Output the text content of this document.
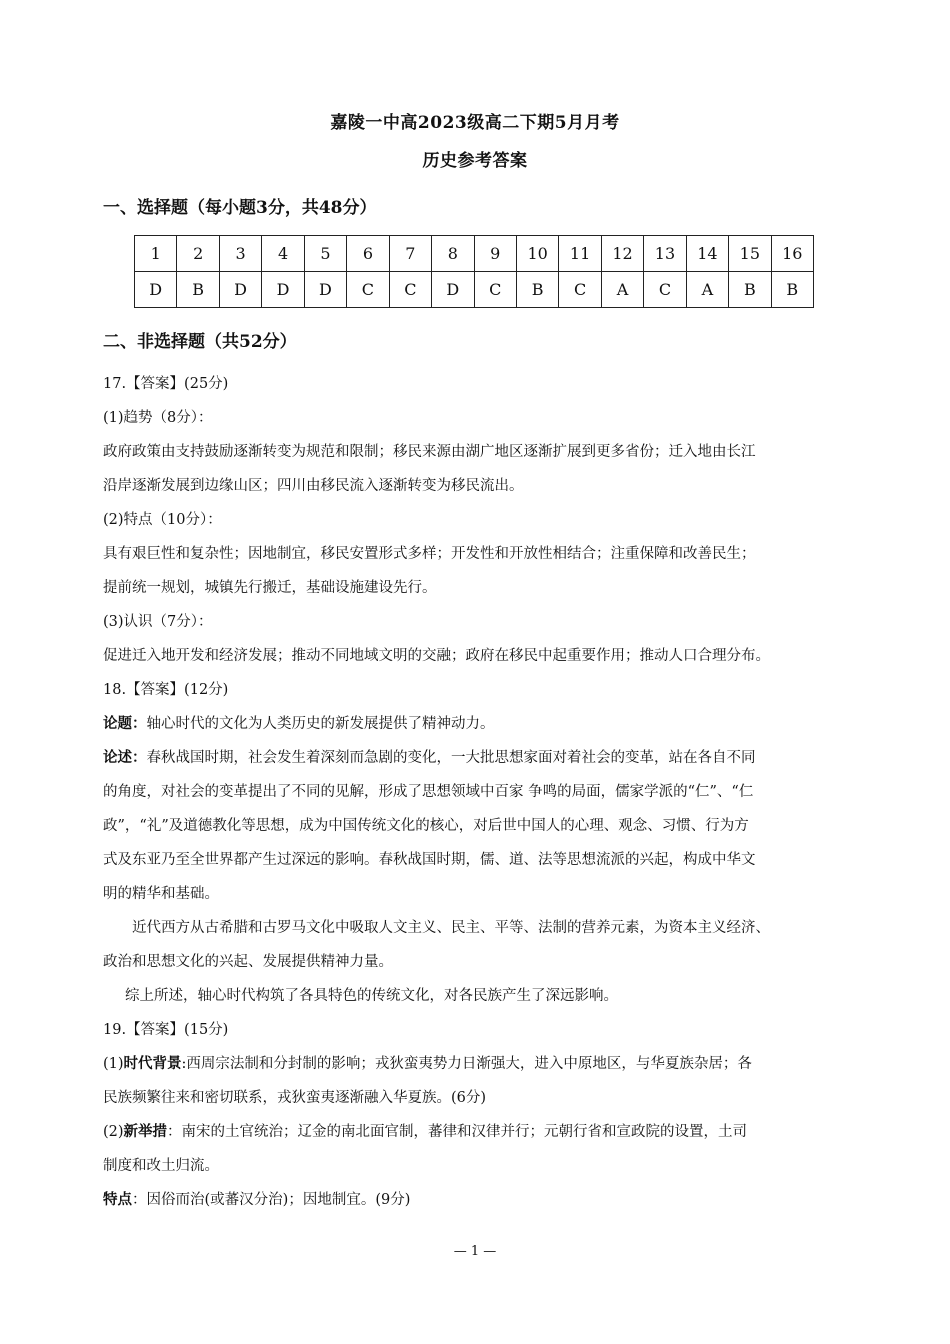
嘉陵一中高2023级高二下期5月月考
历史参考答案
一、选择题（每小题3分，共48分）
1	2	3	4	5	6	7	8	9	10	11	12	13	14	15	16
D	B	D	D	D	C	C	D	C	B	C	A	C	A	B	B
二、非选择题（共52分）
17.【答案】(25分)
(1)趋势（8分）：
政府政策由支持鼓励逐渐转变为规范和限制；移民来源由湖广地区逐渐扩展到更多省份；迁入地由长江
沿岸逐渐发展到边缘山区；四川由移民流入逐渐转变为移民流出。
(2)特点（10分）：
具有艰巨性和复杂性；因地制宜，移民安置形式多样；开发性和开放性相结合；注重保障和改善民生；
提前统一规划，城镇先行搬迁，基础设施建设先行。
(3)认识（7分）：
促进迁入地开发和经济发展；推动不同地域文明的交融；政府在移民中起重要作用；推动人口合理分布。
18.【答案】(12分)
论题：轴心时代的文化为人类历史的新发展提供了精神动力。
论述：春秋战国时期，社会发生着深刻而急剧的变化，一大批思想家面对着社会的变革，站在各自不同
的角度，对社会的变革提出了不同的见解，形成了思想领域中百家 争鸣的局面，儒家学派的“仁”、“仁
政”，“礼”及道德教化等思想，成为中国传统文化的核心，对后世中国人的心理、观念、习惯、行为方
式及东亚乃至全世界都产生过深远的影响。春秋战国时期，儒、道、法等思想流派的兴起，构成中华文
明的精华和基础。
近代西方从古希腊和古罗马文化中吸取人文主义、民主、平等、法制的营养元素，为资本主义经济、
政治和思想文化的兴起、发展提供精神力量。
综上所述，轴心时代构筑了各具特色的传统文化，对各民族产生了深远影响。
19.【答案】(15分)
(1)时代背景:西周宗法制和分封制的影响；戎狄蛮夷势力日渐强大，进入中原地区，与华夏族杂居；各
民族频繁往来和密切联系，戎狄蛮夷逐渐融入华夏族。(6分)
(2)新举措：南宋的土官统治；辽金的南北面官制，蕃律和汉律并行；元朝行省和宣政院的设置，土司
制度和改土归流。
特点：因俗而治(或蕃汉分治)；因地制宜。(9分)
— 1 —
